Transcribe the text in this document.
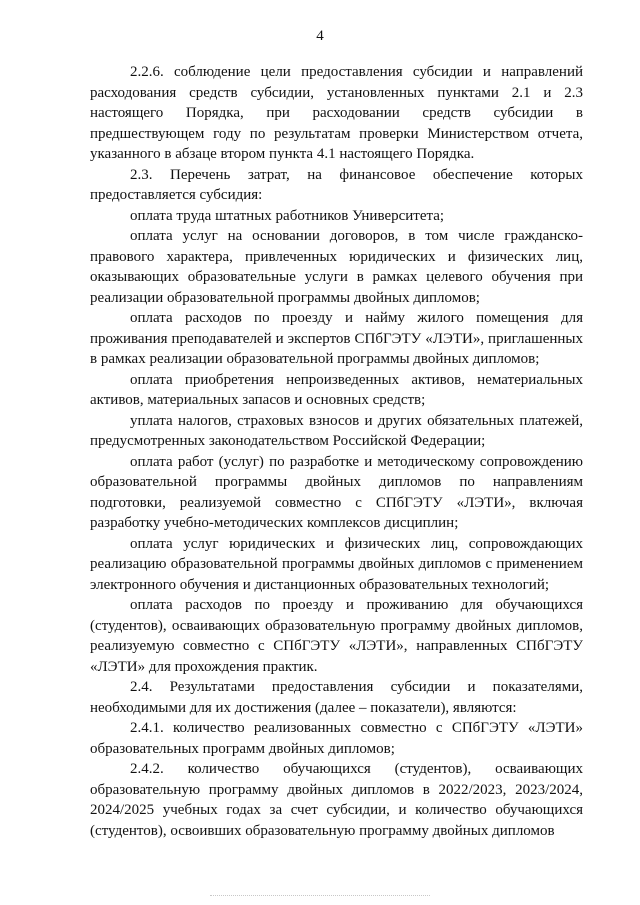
4

2.2.6. соблюдение цели предоставления субсидии и направлений расходования средств субсидии, установленных пунктами 2.1 и 2.3 настоящего Порядка, при расходовании средств субсидии в предшествующем году по результатам проверки Министерством отчета, указанного в абзаце втором пункта 4.1 настоящего Порядка.

2.3. Перечень затрат, на финансовое обеспечение которых предоставляется субсидия:

оплата труда штатных работников Университета;

оплата услуг на основании договоров, в том числе гражданско-правового характера, привлеченных юридических и физических лиц, оказывающих образовательные услуги в рамках целевого обучения при реализации образовательной программы двойных дипломов;

оплата расходов по проезду и найму жилого помещения для проживания преподавателей и экспертов СПбГЭТУ «ЛЭТИ», приглашенных в рамках реализации образовательной программы двойных дипломов;

оплата приобретения непроизведенных активов, нематериальных активов, материальных запасов и основных средств;

уплата налогов, страховых взносов и других обязательных платежей, предусмотренных законодательством Российской Федерации;

оплата работ (услуг) по разработке и методическому сопровождению образовательной программы двойных дипломов по направлениям подготовки, реализуемой совместно с СПбГЭТУ «ЛЭТИ», включая разработку учебно-методических комплексов дисциплин;

оплата услуг юридических и физических лиц, сопровождающих реализацию образовательной программы двойных дипломов с применением электронного обучения и дистанционных образовательных технологий;

оплата расходов по проезду и проживанию для обучающихся (студентов), осваивающих образовательную программу двойных дипломов, реализуемую совместно с СПбГЭТУ «ЛЭТИ», направленных СПбГЭТУ «ЛЭТИ» для прохождения практик.

2.4. Результатами предоставления субсидии и показателями, необходимыми для их достижения (далее – показатели), являются:

2.4.1. количество реализованных совместно с СПбГЭТУ «ЛЭТИ» образовательных программ двойных дипломов;

2.4.2. количество обучающихся (студентов), осваивающих образовательную программу двойных дипломов в 2022/2023, 2023/2024, 2024/2025 учебных годах за счет субсидии, и количество обучающихся (студентов), освоивших образовательную программу двойных дипломов
